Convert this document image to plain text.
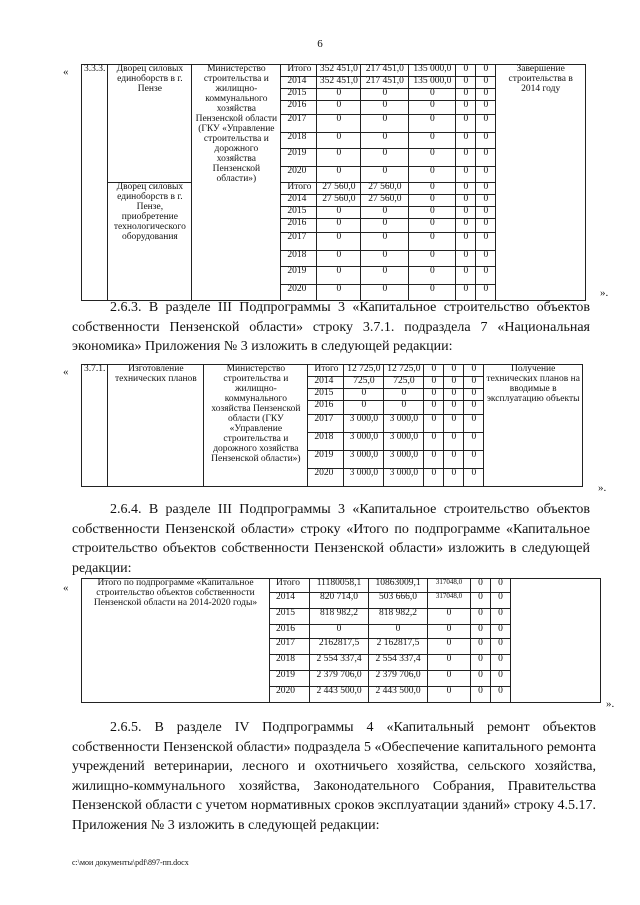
6
« 3.3.3.	Дворец силовых единоборств в г. Пензе	Министерство строительства и жилищно-коммунального хозяйства Пензенской области (ГКУ «Управление строительства и дорожного хозяйства Пензенской области»)	Итого	352 451,0	217 451,0	135 000,0	0	0	Завершение строительства в 2014 году
			2014	352 451,0	217 451,0	135 000,0	0	0	
			2015	0	0	0	0	0	
			2016	0	0	0	0	0	
			2017	0	0	0	0	0	
			2018	0	0	0	0	0	
			2019	0	0	0	0	0	
			2020	0	0	0	0	0	
	Дворец силовых единоборств в г. Пензе, приобретение технологического оборудования		Итого	27 560,0	27 560,0	0	0	0	
			2014	27 560,0	27 560,0	0	0	0	
			2015	0	0	0	0	0	
			2016	0	0	0	0	0	
			2017	0	0	0	0	0	
			2018	0	0	0	0	0	
			2019	0	0	0	0	0	
			2020	0	0	0	0	0		».

2.6.3. В разделе III Подпрограммы 3 «Капитальное строительство объектов собственности Пензенской области» строку 3.7.1. подраздела 7 «Национальная экономика» Приложения № 3 изложить в следующей редакции:

« 3.7.1.	Изготовление технических планов	Министерство строительства и жилищно-коммунального хозяйства Пензенской области (ГКУ «Управление строительства и дорожного хозяйства Пензенской области»)	Итого	12 725,0	12 725,0	0	0	0	Получение технических планов на вводимые в эксплуатацию объекты
			2014	725,0	725,0	0	0	0	
			2015	0	0	0	0	0	
			2016	0	0	0	0	0	
			2017	3 000,0	3 000,0	0	0	0	
			2018	3 000,0	3 000,0	0	0	0	
			2019	3 000,0	3 000,0	0	0	0	
			2020	3 000,0	3 000,0	0	0	0	
».

2.6.4. В разделе III Подпрограммы 3 «Капитальное строительство объектов собственности Пензенской области» строку «Итого по подпрограмме «Капитальное строительство объектов собственности Пензенской области» изложить в следующей редакции:

«	Итого по подпрограмме «Капитальное строительство объектов собственности Пензенской области на 2014-2020 годы»	Итого	11180058,1	10863009,1	317048,0	0	0	
	2014	820 714,0	503 666,0	317048,0	0	0	
	2015	818 982,2	818 982,2	0	0	0	
	2016	0	0	0	0	0	
	2017	2162817,5	2 162817,5	0	0	0	
	2018	2 554 337,4	2 554 337,4	0	0	0	
	2019	2 379 706,0	2 379 706,0	0	0	0	
	2020	2 443 500,0	2 443 500,0	0	0	0	
».

2.6.5. В разделе IV Подпрограммы 4 «Капитальный ремонт объектов собственности Пензенской области» подраздела 5 «Обеспечение капитального ремонта учреждений ветеринарии, лесного и охотничьего хозяйства, сельского хозяйства, жилищно-коммунального хозяйства, Законодательного Собрания, Правительства Пензенской области с учетом нормативных сроков эксплуатации зданий» строку 4.5.17. Приложения № 3 изложить в следующей редакции:

c:\мои документы\pdf\897-пп.docx
